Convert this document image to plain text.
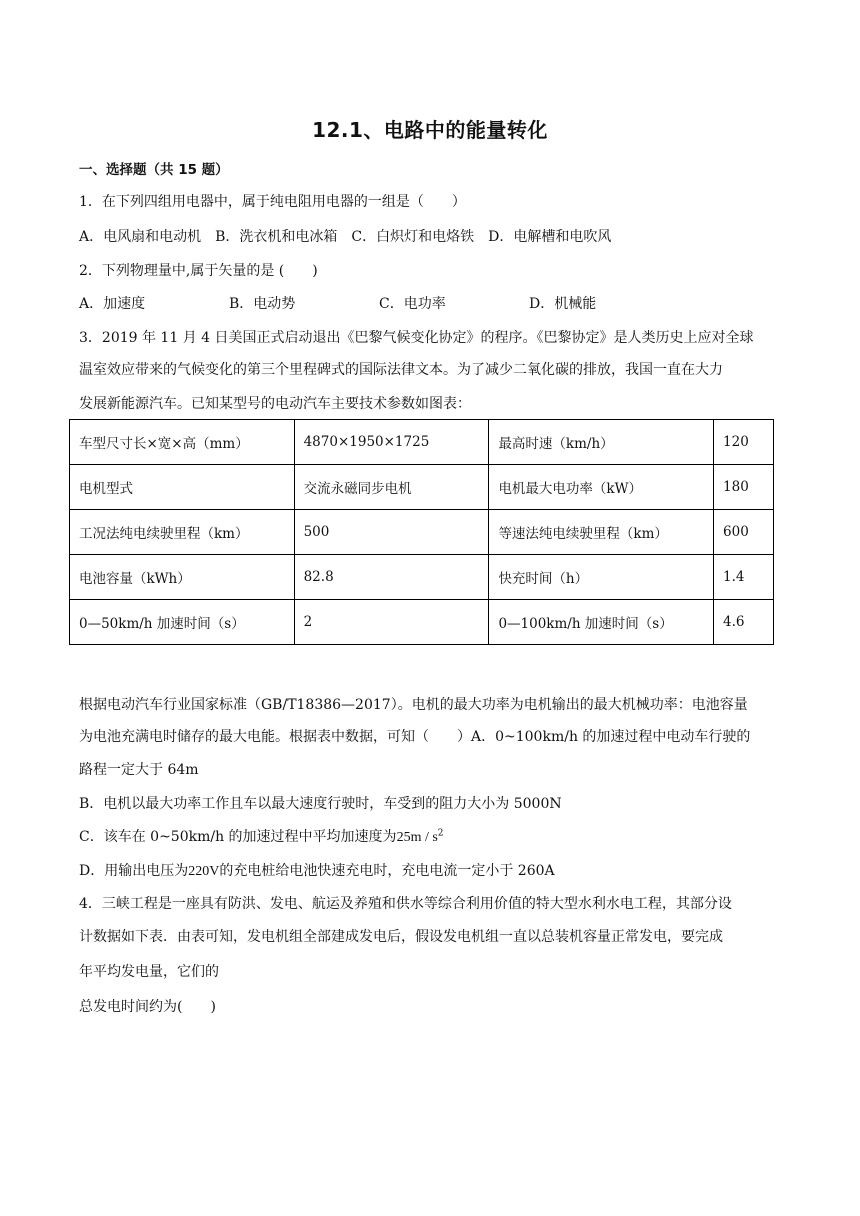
12.1、电路中的能量转化
一、选择题（共 15 题）
1．在下列四组用电器中，属于纯电阻用电器的一组是（　　）
A．电风扇和电动机　B．洗衣机和电冰箱　C．白炽灯和电烙铁　D．电解槽和电吹风
2．下列物理量中,属于矢量的是 (　　)
A．加速度	B．电动势	C．电功率	D．机械能
3．2019 年 11 月 4 日美国正式启动退出《巴黎气候变化协定》的程序。《巴黎协定》是人类历史上应对全球
温室效应带来的气候变化的第三个里程碑式的国际法律文本。为了减少二氧化碳的排放，我国一直在大力
发展新能源汽车。已知某型号的电动汽车主要技术参数如图表：
车型尺寸长×宽×高（mm）	4870×1950×1725	最高时速（km/h）	120
电机型式	交流永磁同步电机	电机最大电功率（kW）	180
工况法纯电续驶里程（km）	500	等速法纯电续驶里程（km）	600
电池容量（kWh）	82.8	快充时间（h）	1.4
0—50km/h 加速时间（s）	2	0—100km/h 加速时间（s）	4.6
根据电动汽车行业国家标准（GB/T18386—2017）。电机的最大功率为电机输出的最大机械功率：电池容量
为电池充满电时储存的最大电能。根据表中数据，可知（　　）A．0~100km/h 的加速过程中电动车行驶的
路程一定大于 64m
B．电机以最大功率工作且车以最大速度行驶时，车受到的阻力大小为 5000N
C．该车在 0~50km/h 的加速过程中平均加速度为$25m / s^2$
D．用输出电压为220V的充电桩给电池快速充电时，充电电流一定小于 260A
4．三峡工程是一座具有防洪、发电、航运及养殖和供水等综合利用价值的特大型水利水电工程，其部分设
计数据如下表．由表可知，发电机组全部建成发电后，假设发电机组一直以总装机容量正常发电，要完成
年平均发电量，它们的
总发电时间约为(　　)
